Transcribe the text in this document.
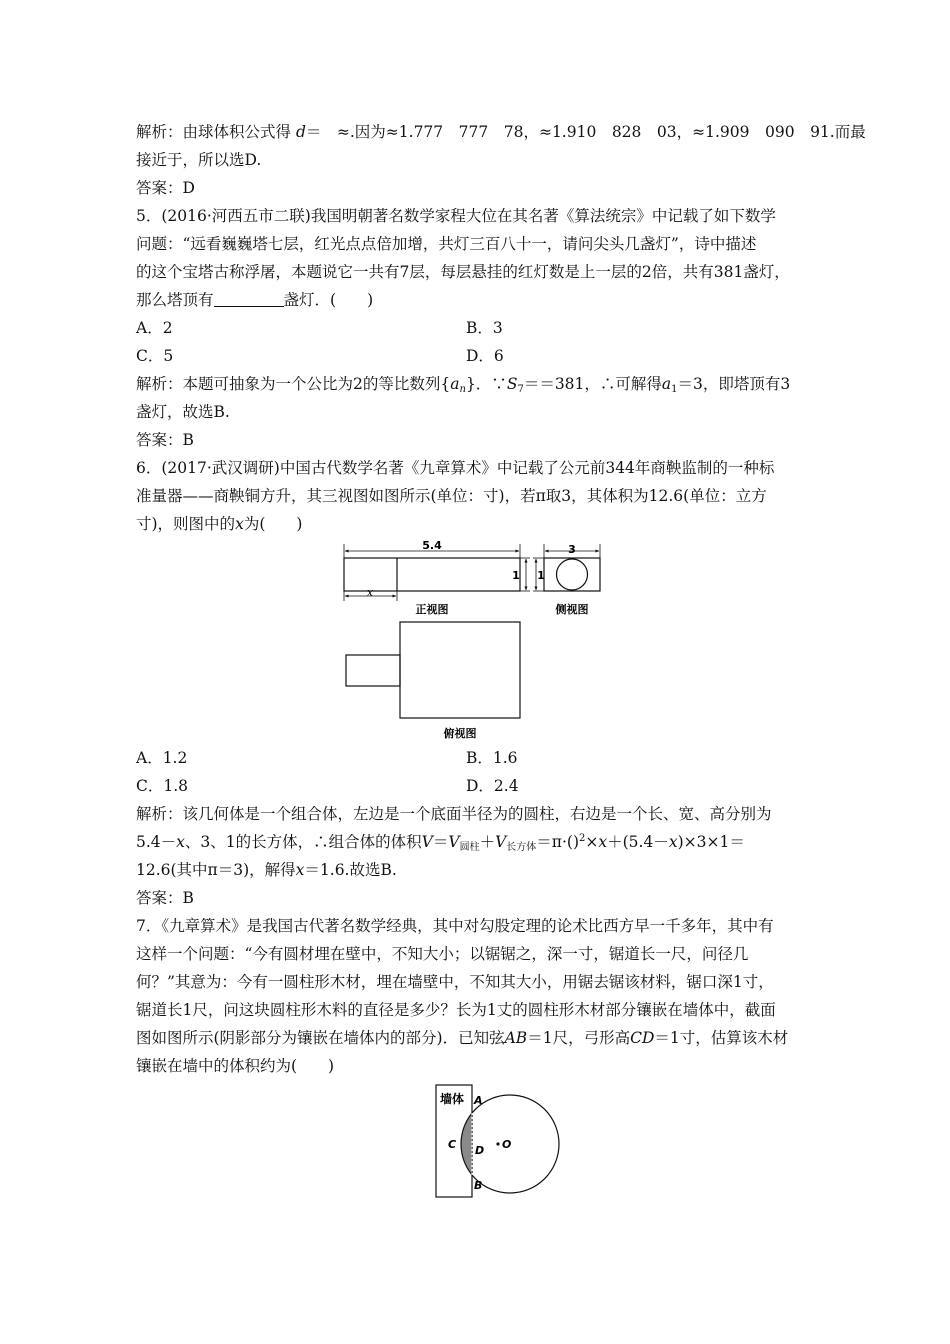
解析：由球体积公式得 d＝　≈.因为≈1.777　777　78，≈1.910　828　03，≈1.909　090　91.而最
接近于，所以选D.
答案：D
5．(2016·河西五市二联)我国明朝著名数学家程大位在其名著《算法统宗》中记载了如下数学
问题：“远看巍巍塔七层，红光点点倍加增，共灯三百八十一，请问尖头几盏灯”，诗中描述
的这个宝塔古称浮屠，本题说它一共有7层，每层悬挂的红灯数是上一层的2倍，共有381盏灯，
那么塔顶有	盏灯．(　　)
A．2	B．3
C．5	D．6
解析：本题可抽象为一个公比为2的等比数列$\{a_n\}$．$\because S_7==381$，∴可解得$a_1=3$，即塔顶有3
盏灯，故选B.
答案：B
6．(2017·武汉调研)中国古代数学名著《九章算术》中记载了公元前344年商鞅监制的一种标
准量器——商鞅铜方升，其三视图如图所示(单位：寸)，若π取3，其体积为12.6(单位：立方
寸)，则图中的x为(　　)
5.4
x
1
正视图
3
1
侧视图
俯视图
A．1.2	B．1.6
C．1.8	D．2.4
解析：该几何体是一个组合体，左边是一个底面半径为的圆柱，右边是一个长、宽、高分别为
5.4－x、3、1的长方体，∴组合体的体积$V=V_{圆柱}+V_{长方体}=\pi\cdot()^2\times x+(5.4-x)\times 3\times 1=$
12.6(其中π＝3)，解得x＝1.6.故选B.
答案：B
7．《九章算术》是我国古代著名数学经典，其中对勾股定理的论术比西方早一千多年，其中有
这样一个问题：“今有圆材埋在壁中，不知大小；以锯锯之，深一寸，锯道长一尺，问径几
何？”其意为：今有一圆柱形木材，埋在墙壁中，不知其大小，用锯去锯该材料，锯口深1寸，
锯道长1尺，问这块圆柱形木料的直径是多少？长为1丈的圆柱形木材部分镶嵌在墙体中，截面
图如图所示(阴影部分为镶嵌在墙体内的部分)．已知弦AB＝1尺，弓形高CD＝1寸，估算该木材
镶嵌在墙中的体积约为(　　)
墙体 A
B
C D O
